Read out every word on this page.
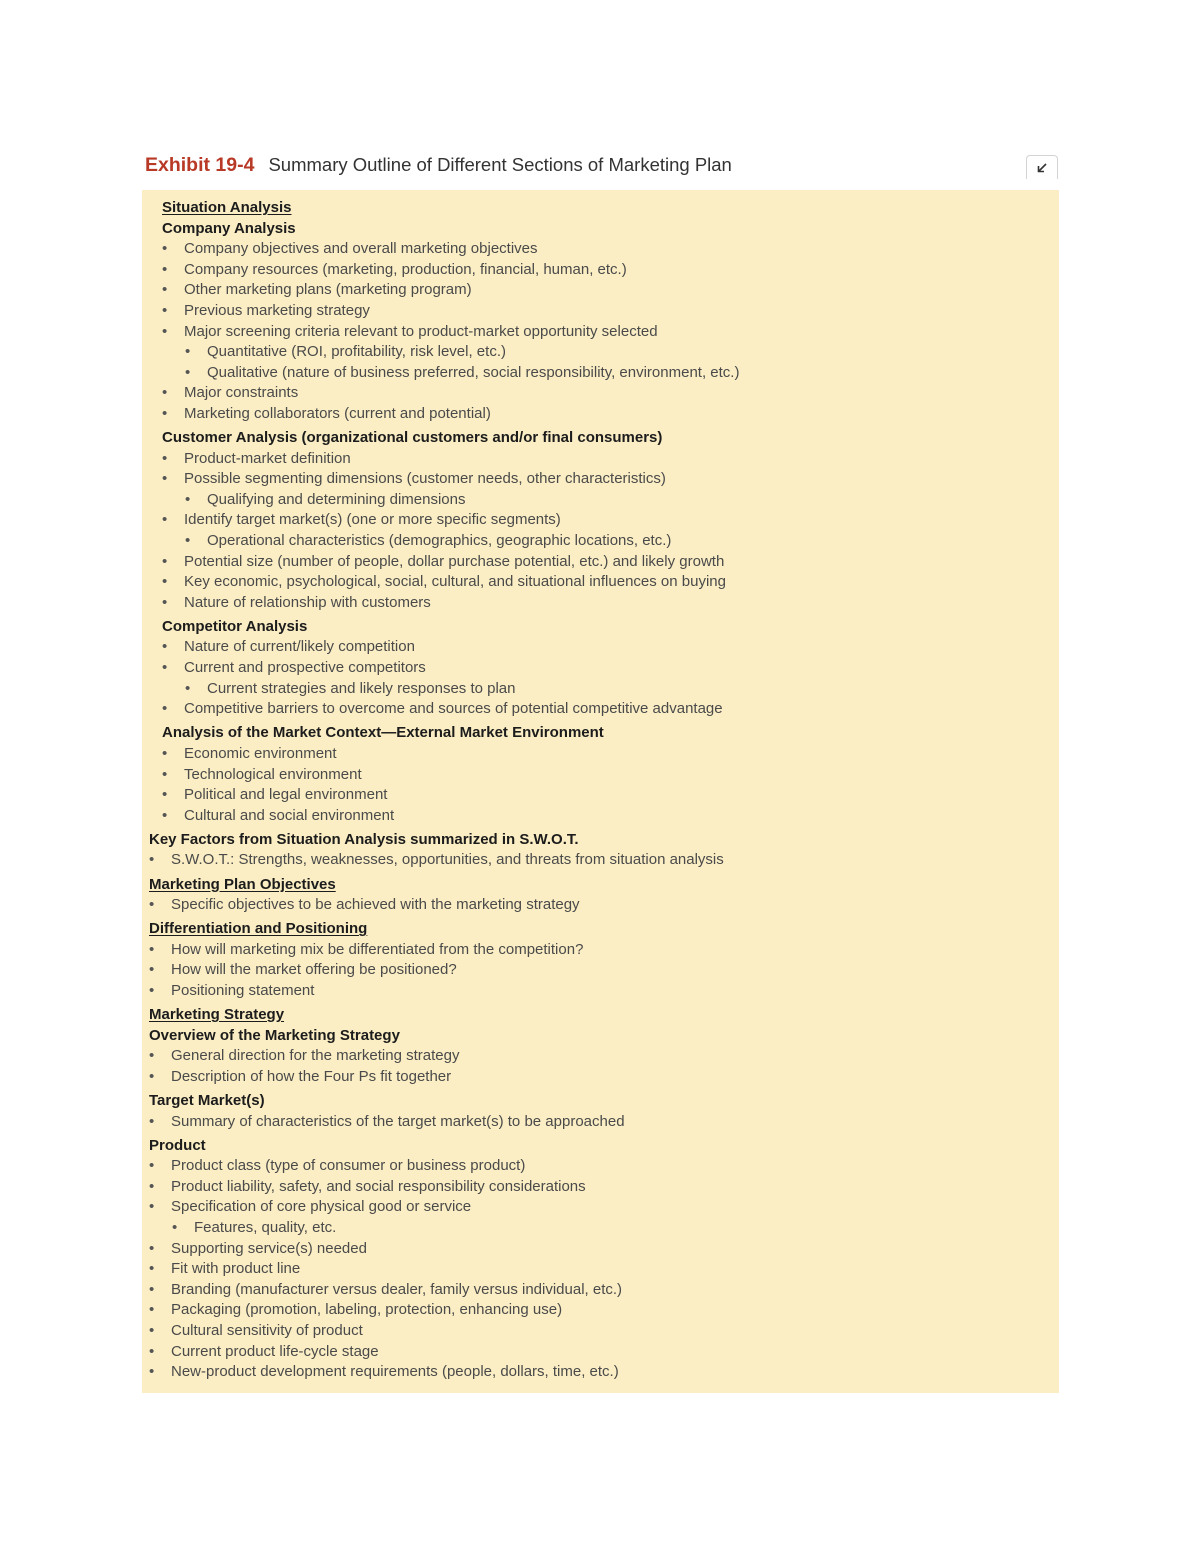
Exhibit 19-4 Summary Outline of Different Sections of Marketing Plan
Situation Analysis
Company Analysis
• Company objectives and overall marketing objectives
• Company resources (marketing, production, financial, human, etc.)
• Other marketing plans (marketing program)
• Previous marketing strategy
• Major screening criteria relevant to product-market opportunity selected
• Quantitative (ROI, profitability, risk level, etc.)
• Qualitative (nature of business preferred, social responsibility, environment, etc.)
• Major constraints
• Marketing collaborators (current and potential)
Customer Analysis (organizational customers and/or final consumers)
• Product-market definition
• Possible segmenting dimensions (customer needs, other characteristics)
• Qualifying and determining dimensions
• Identify target market(s) (one or more specific segments)
• Operational characteristics (demographics, geographic locations, etc.)
• Potential size (number of people, dollar purchase potential, etc.) and likely growth
• Key economic, psychological, social, cultural, and situational influences on buying
• Nature of relationship with customers
Competitor Analysis
• Nature of current/likely competition
• Current and prospective competitors
• Current strategies and likely responses to plan
• Competitive barriers to overcome and sources of potential competitive advantage
Analysis of the Market Context—External Market Environment
• Economic environment
• Technological environment
• Political and legal environment
• Cultural and social environment
Key Factors from Situation Analysis summarized in S.W.O.T.
• S.W.O.T.: Strengths, weaknesses, opportunities, and threats from situation analysis
Marketing Plan Objectives
• Specific objectives to be achieved with the marketing strategy
Differentiation and Positioning
• How will marketing mix be differentiated from the competition?
• How will the market offering be positioned?
• Positioning statement
Marketing Strategy
Overview of the Marketing Strategy
• General direction for the marketing strategy
• Description of how the Four Ps fit together
Target Market(s)
• Summary of characteristics of the target market(s) to be approached
Product
• Product class (type of consumer or business product)
• Product liability, safety, and social responsibility considerations
• Specification of core physical good or service
• Features, quality, etc.
• Supporting service(s) needed
• Fit with product line
• Branding (manufacturer versus dealer, family versus individual, etc.)
• Packaging (promotion, labeling, protection, enhancing use)
• Cultural sensitivity of product
• Current product life-cycle stage
• New-product development requirements (people, dollars, time, etc.)
